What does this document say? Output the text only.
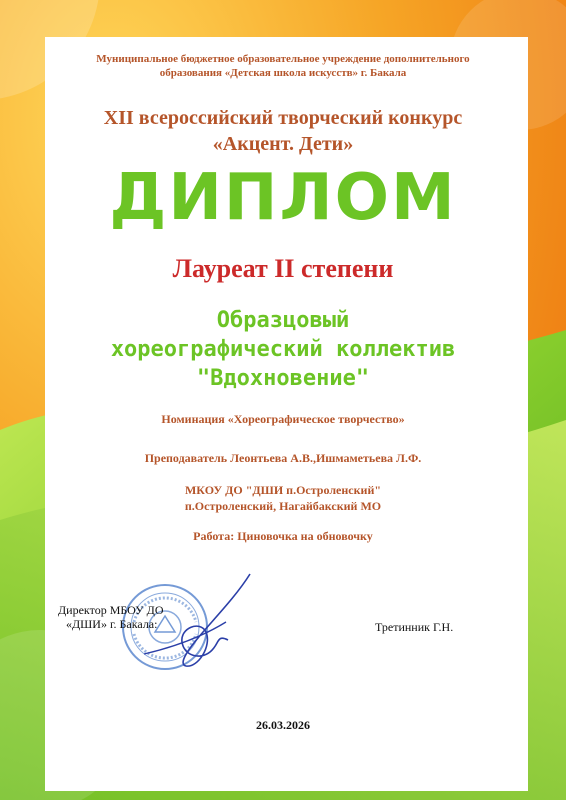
Муниципальное бюджетное образовательное учреждение дополнительного
образования «Детская школа искусств» г. Бакала
XII всероссийский творческий конкурс
«Акцент. Дети»
ДИПЛОМ
Лауреат II степени
Образцовый
хореографический коллектив
"Вдохновение"
Номинация «Хореографическое творчество»
Преподаватель Леонтьева А.В.,Ишмаметьева Л.Ф.
МКОУ ДО "ДШИ п.Остроленский"
п.Остроленский, Нагайбакский МО
Работа: Циновочка на обновочку
Директор МБОУ ДО
«ДШИ» г. Бакала:	Третинник Г.Н.
26.03.2026
